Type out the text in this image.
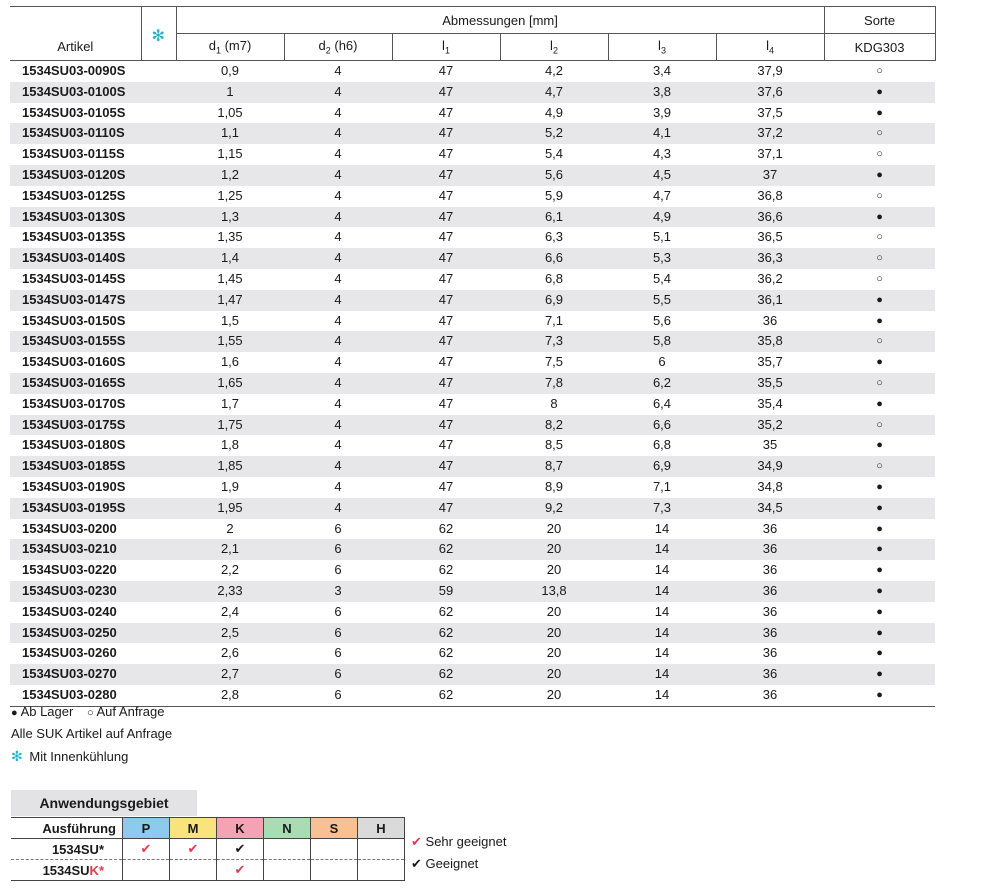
		Abmessungen [mm]						Sorte
Artikel	✻	$d_1$ (m7)	$d_2$ (h6)	$l_1$	$l_2$	$l_3$	$l_4$	KDG303
1534SU03-0090S		0,9	4	47	4,2	3,4	37,9	○
1534SU03-0100S		1	4	47	4,7	3,8	37,6	●
1534SU03-0105S		1,05	4	47	4,9	3,9	37,5	●
1534SU03-0110S		1,1	4	47	5,2	4,1	37,2	○
1534SU03-0115S		1,15	4	47	5,4	4,3	37,1	○
1534SU03-0120S		1,2	4	47	5,6	4,5	37	●
1534SU03-0125S		1,25	4	47	5,9	4,7	36,8	○
1534SU03-0130S		1,3	4	47	6,1	4,9	36,6	●
1534SU03-0135S		1,35	4	47	6,3	5,1	36,5	○
1534SU03-0140S		1,4	4	47	6,6	5,3	36,3	○
1534SU03-0145S		1,45	4	47	6,8	5,4	36,2	○
1534SU03-0147S		1,47	4	47	6,9	5,5	36,1	●
1534SU03-0150S		1,5	4	47	7,1	5,6	36	●
1534SU03-0155S		1,55	4	47	7,3	5,8	35,8	○
1534SU03-0160S		1,6	4	47	7,5	6	35,7	●
1534SU03-0165S		1,65	4	47	7,8	6,2	35,5	○
1534SU03-0170S		1,7	4	47	8	6,4	35,4	●
1534SU03-0175S		1,75	4	47	8,2	6,6	35,2	○
1534SU03-0180S		1,8	4	47	8,5	6,8	35	●
1534SU03-0185S		1,85	4	47	8,7	6,9	34,9	○
1534SU03-0190S		1,9	4	47	8,9	7,1	34,8	●
1534SU03-0195S		1,95	4	47	9,2	7,3	34,5	●
1534SU03-0200		2	6	62	20	14	36	●
1534SU03-0210		2,1	6	62	20	14	36	●
1534SU03-0220		2,2	6	62	20	14	36	●
1534SU03-0230		2,33	3	59	13,8	14	36	●
1534SU03-0240		2,4	6	62	20	14	36	●
1534SU03-0250		2,5	6	62	20	14	36	●
1534SU03-0260		2,6	6	62	20	14	36	●
1534SU03-0270		2,7	6	62	20	14	36	●
1534SU03-0280		2,8	6	62	20	14	36	●
● Ab Lager ○ Auf Anfrage
Alle SUK Artikel auf Anfrage
✻ Mit Innenkühlung
Anwendungsgebiet
Ausführung	P	M	K	N	S	H
1534SU*	✔	✔	✔			
1534SUK*			✔			
✔ Sehr geeignet
✔ Geeignet
